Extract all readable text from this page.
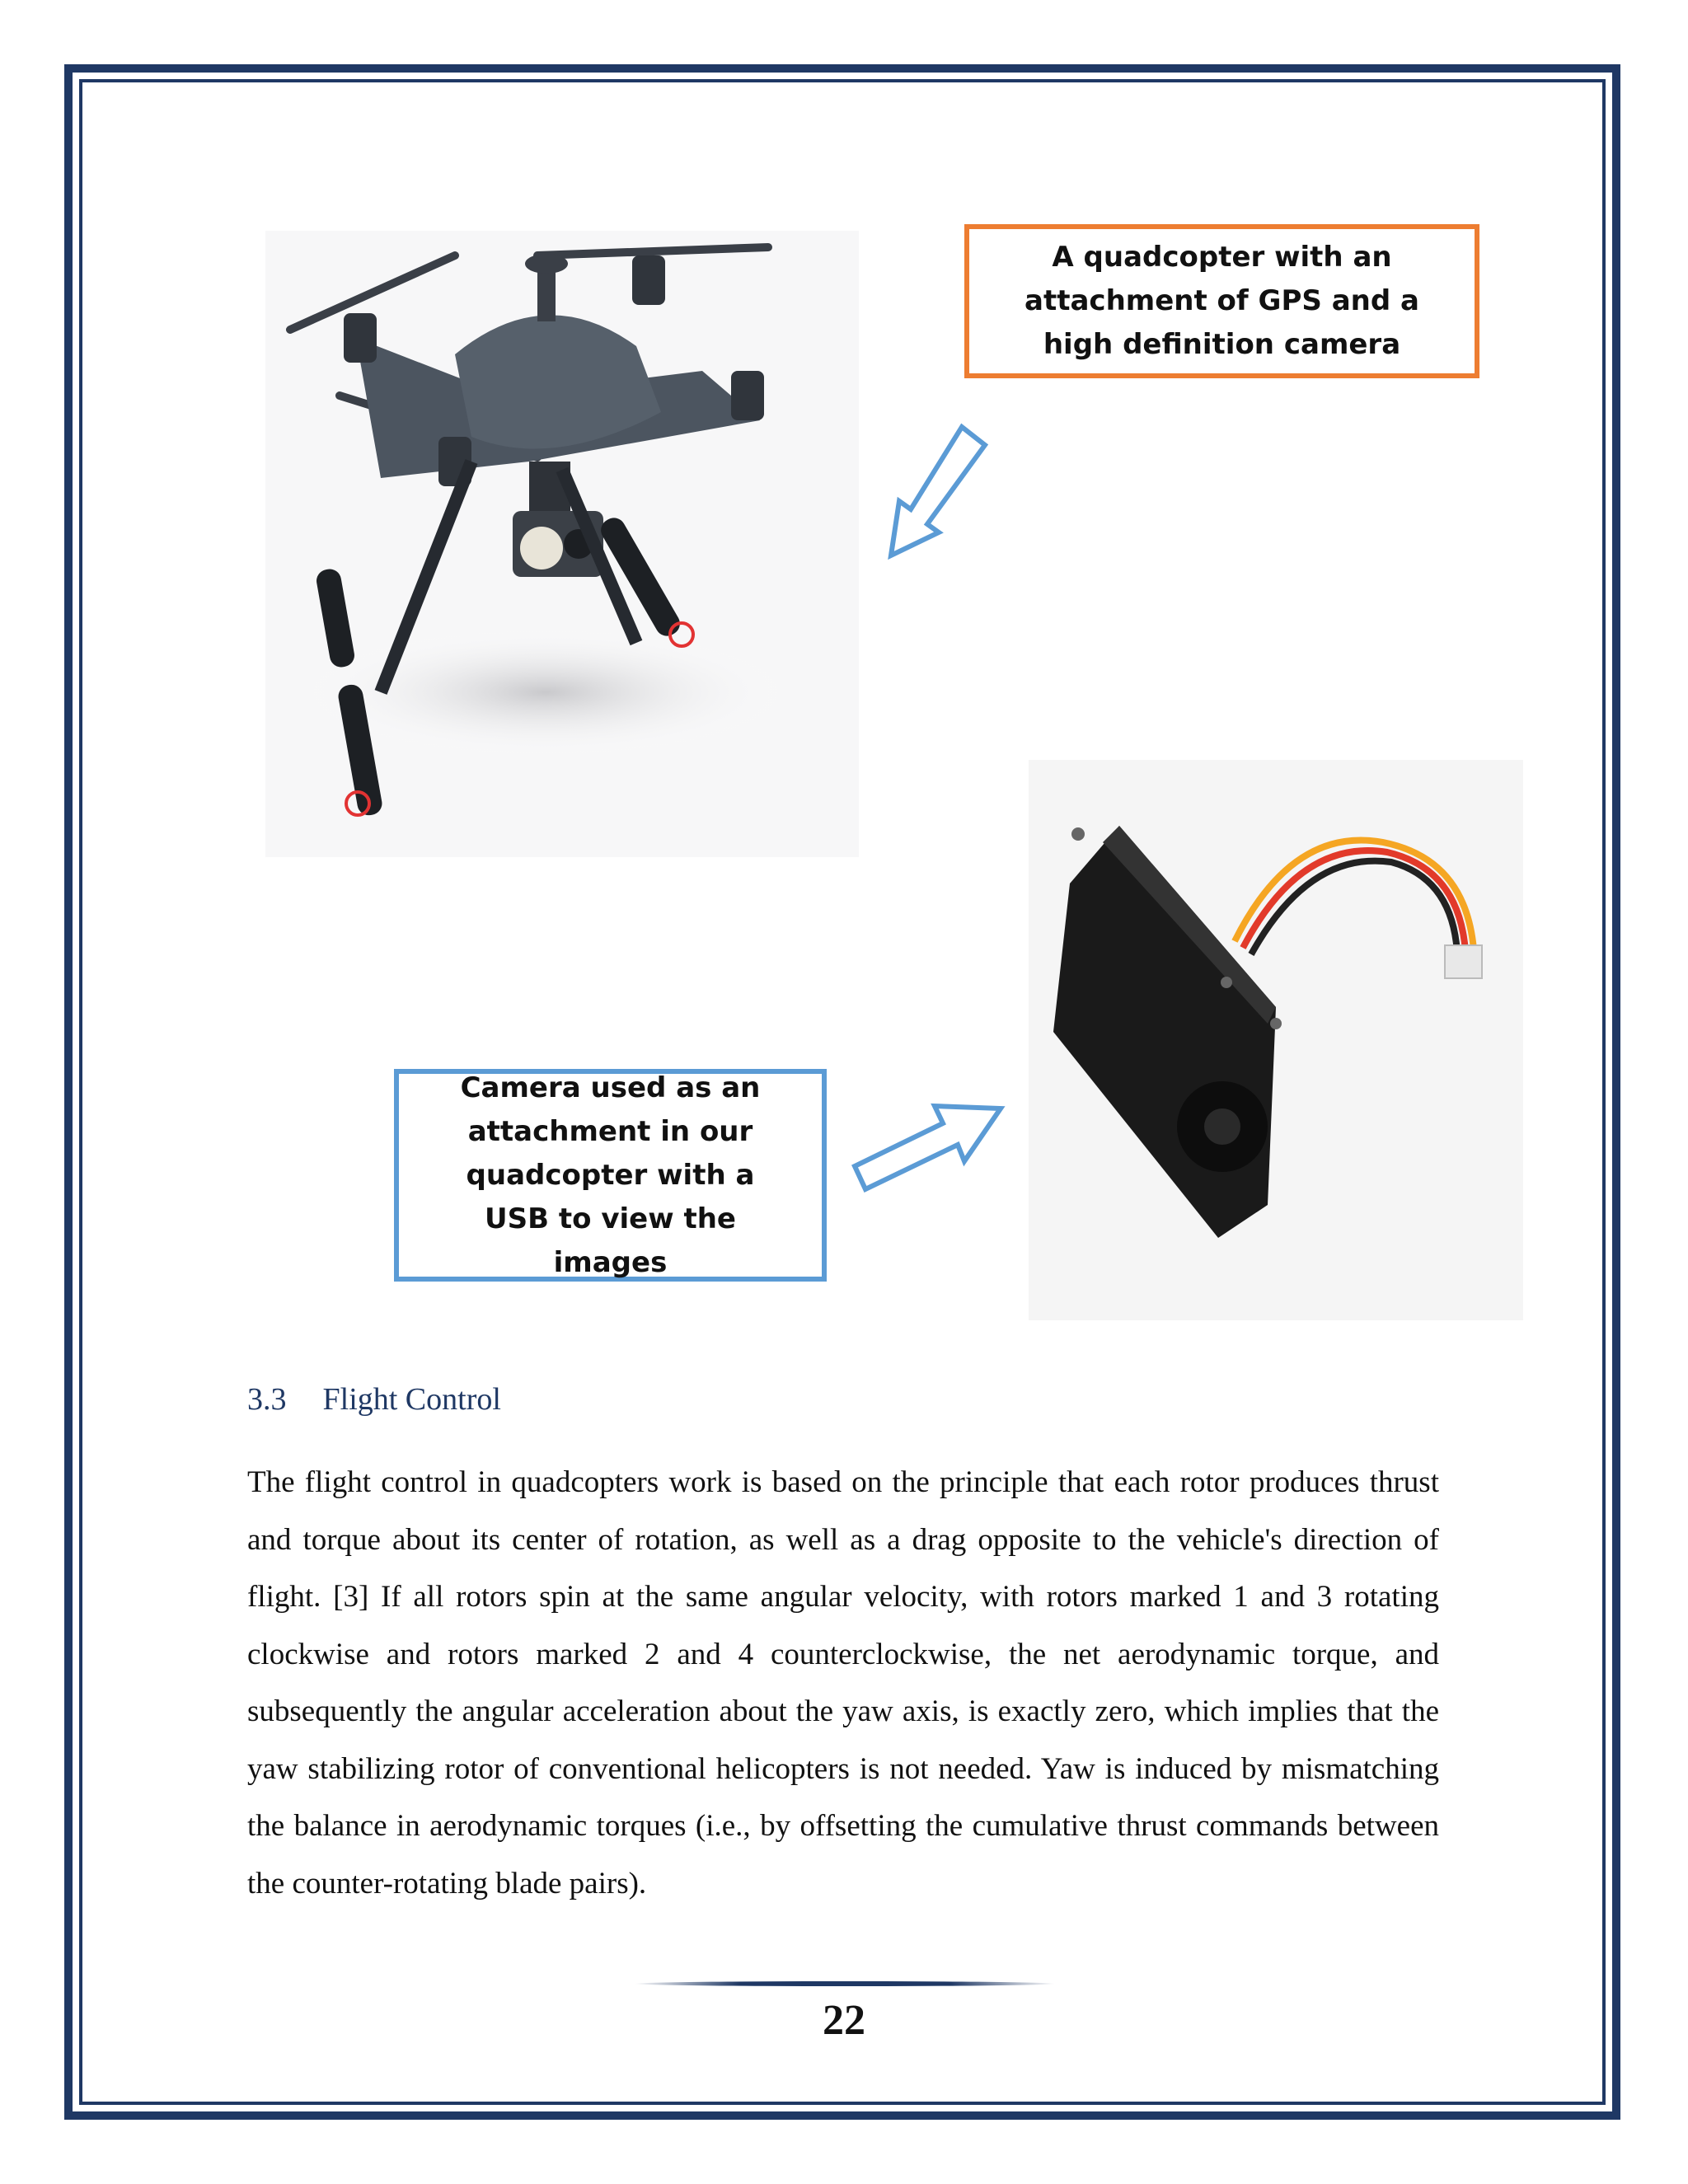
A quadcopter with an attachment of GPS and a high definition camera
Camera used as an attachment in our quadcopter with a USB to view the images
3.3 Flight Control
The flight control in quadcopters work is based on the principle that each rotor produces thrust and torque about its center of rotation, as well as a drag opposite to the vehicle's direction of flight. [3] If all rotors spin at the same angular velocity, with rotors marked 1 and 3 rotating clockwise and rotors marked 2 and 4 counterclockwise, the net aerodynamic torque, and subsequently the angular acceleration about the yaw axis, is exactly zero, which implies that the yaw stabilizing rotor of conventional helicopters is not needed. Yaw is induced by mismatching the balance in aerodynamic torques (i.e., by offsetting the cumulative thrust commands between the counter-rotating blade pairs).
22
